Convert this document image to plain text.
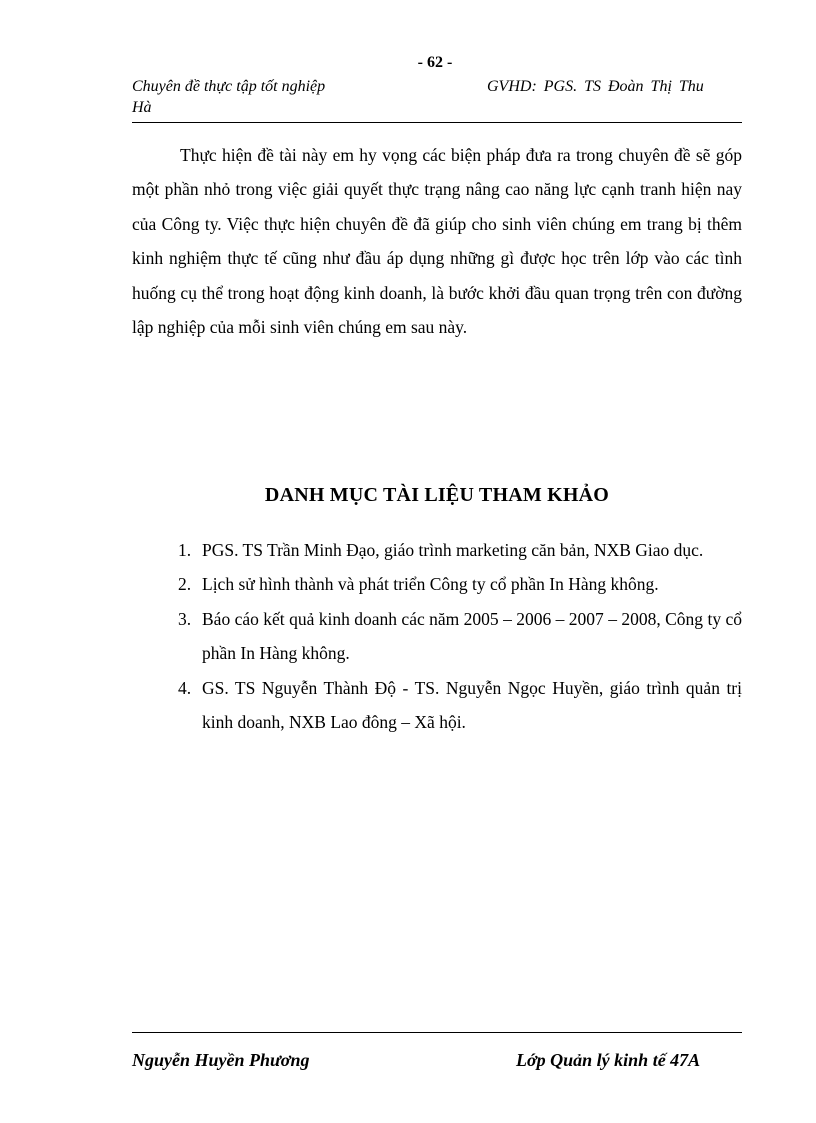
- 62 -
Chuyên đề thực tập tốt nghiệp
Hà
GVHD: PGS. TS Đoàn Thị Thu

Thực hiện đề tài này em hy vọng các biện pháp đưa ra trong chuyên đề sẽ góp một phần nhỏ trong việc giải quyết thực trạng nâng cao năng lực cạnh tranh hiện nay của Công ty. Việc thực hiện chuyên đề đã giúp cho sinh viên chúng em trang bị thêm kinh nghiệm thực tế cũng như đầu áp dụng những gì được học trên lớp vào các tình huống cụ thể trong hoạt động kinh doanh, là bước khởi đầu quan trọng trên con đường lập nghiệp của mỗi sinh viên chúng em sau này.

DANH MỤC TÀI LIỆU THAM KHẢO
1. PGS. TS Trần Minh Đạo, giáo trình marketing căn bản, NXB Giao dục.
2. Lịch sử hình thành và phát triển Công ty cổ phần In Hàng không.
3. Báo cáo kết quả kinh doanh các năm 2005 – 2006 – 2007 – 2008, Công ty cổ phần In Hàng không.
4. GS. TS Nguyễn Thành Độ - TS. Nguyễn Ngọc Huyền, giáo trình quản trị kinh doanh, NXB Lao đông – Xã hội.
Nguyễn Huyền Phương	Lớp Quản lý kinh tế 47A
